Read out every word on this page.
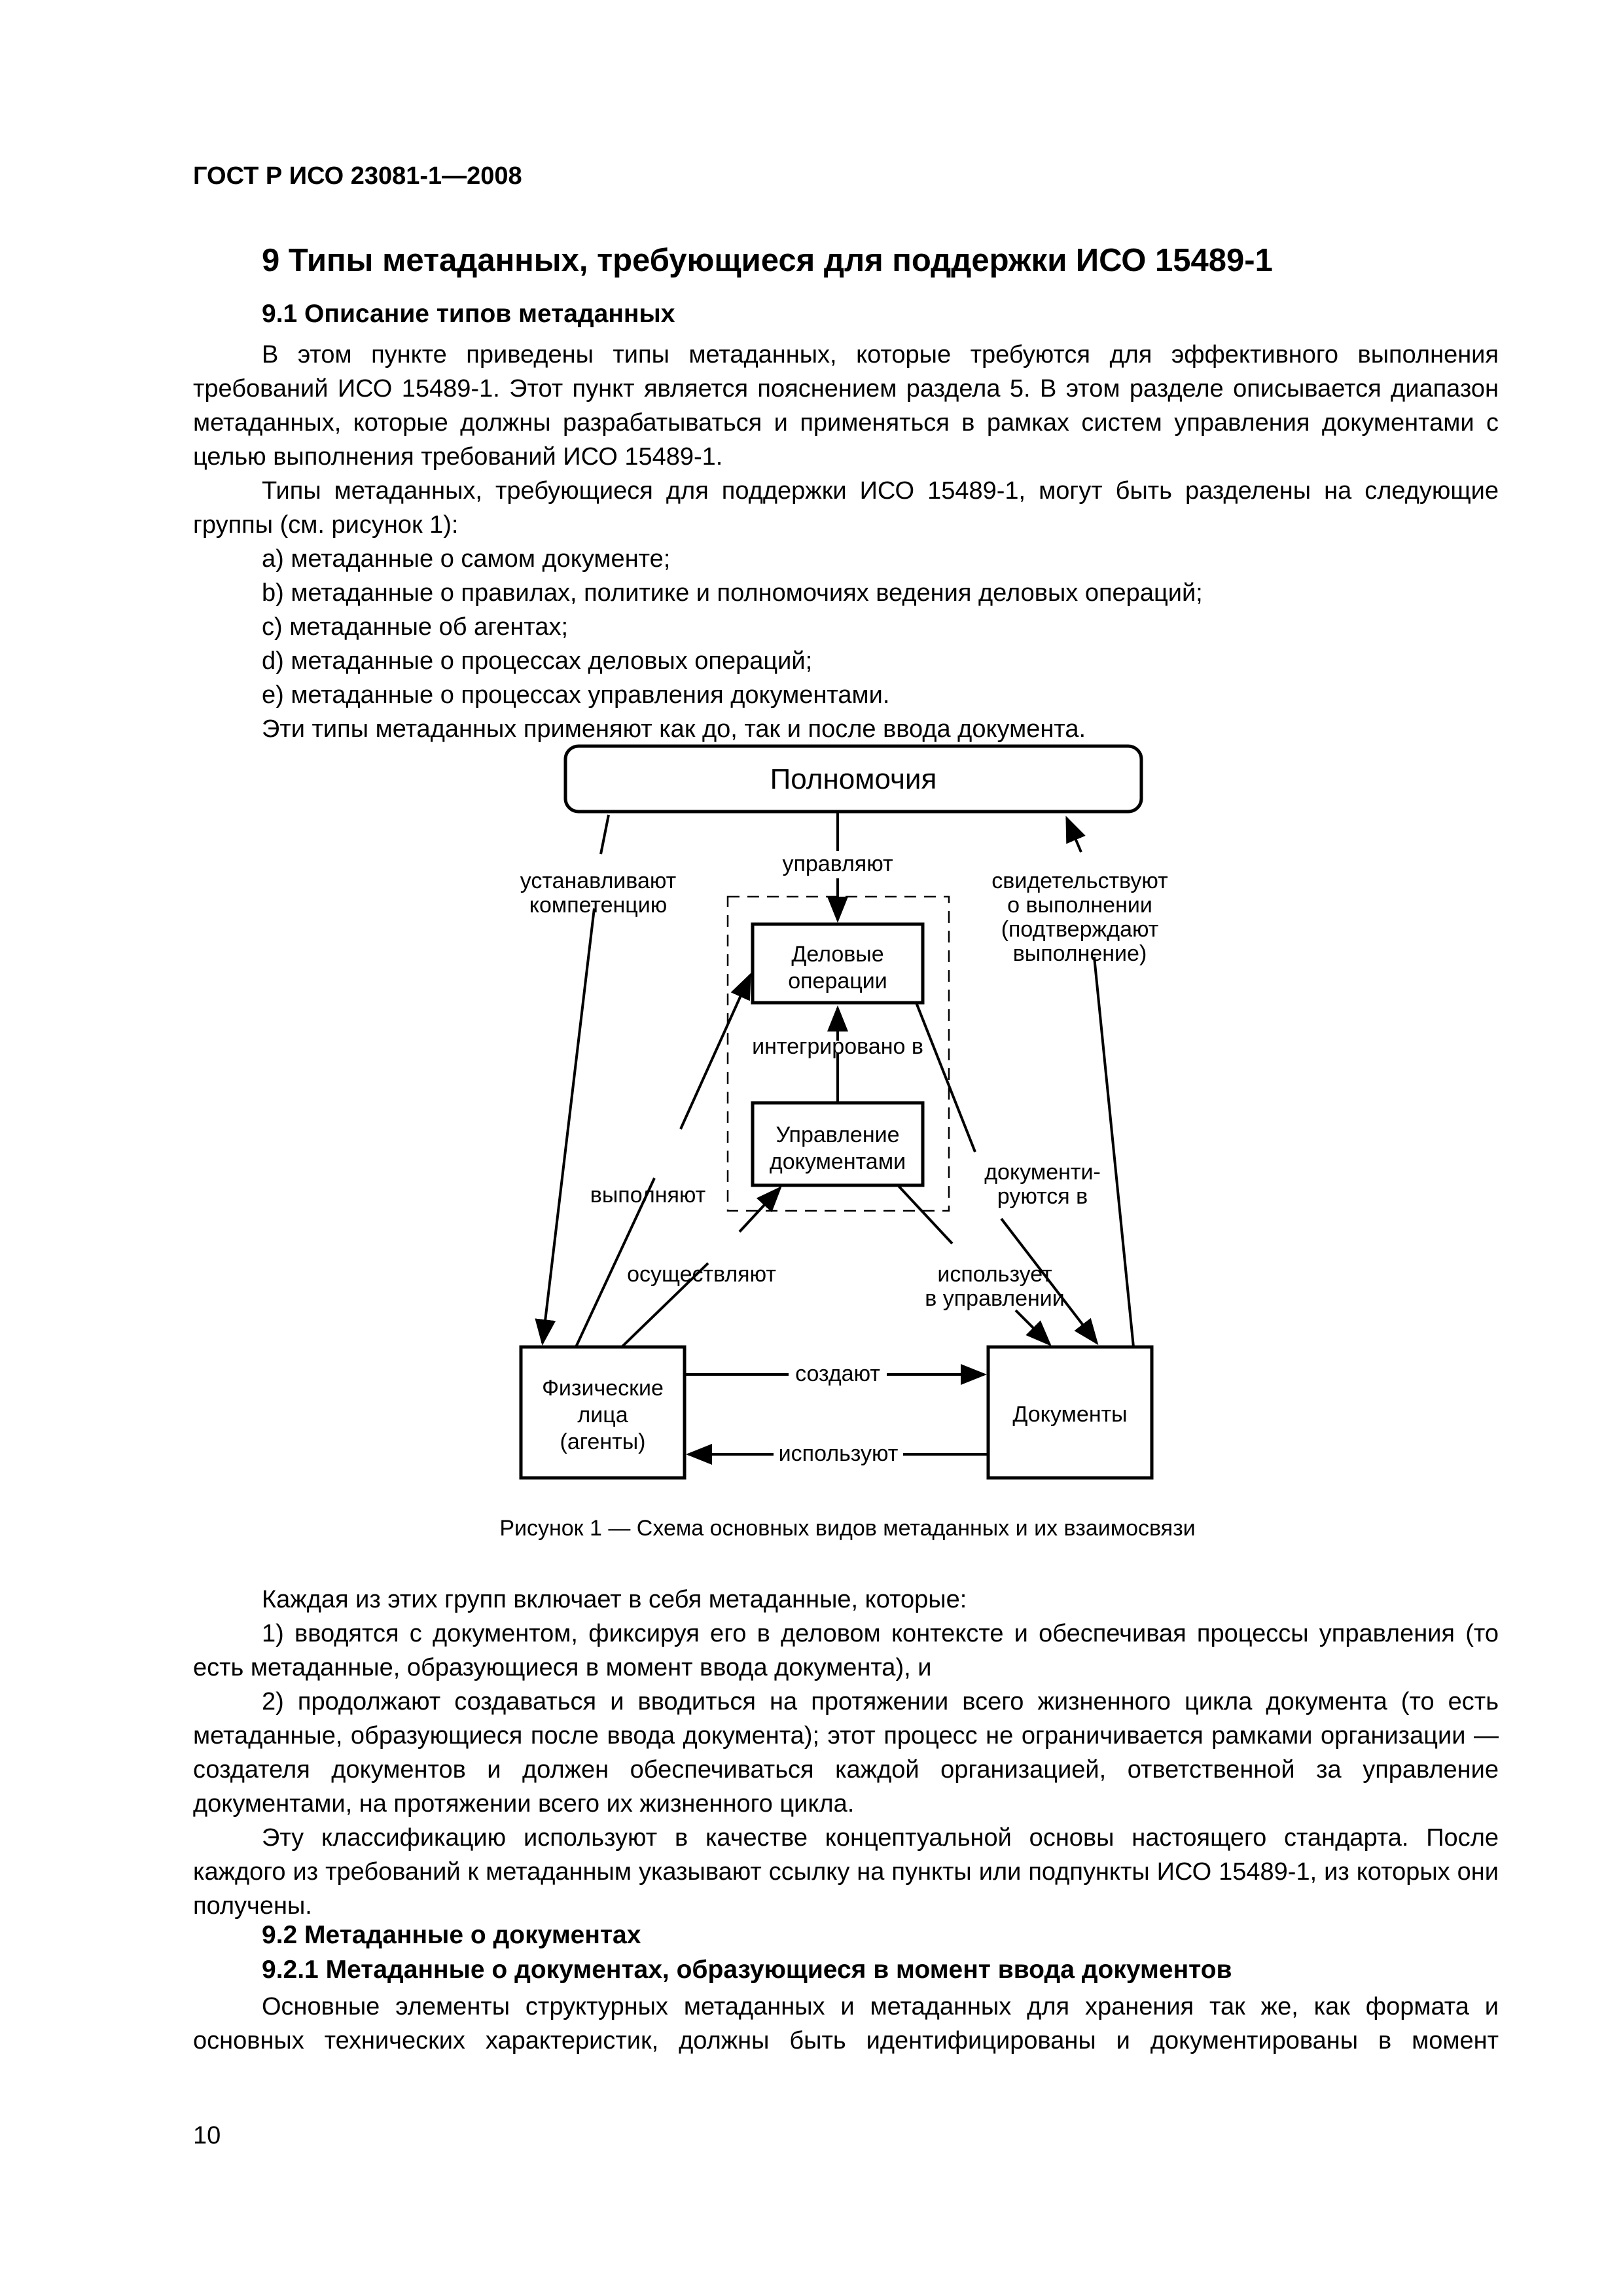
ГОСТ Р ИСО 23081-1—2008
9 Типы метаданных, требующиеся для поддержки ИСО 15489-1
9.1 Описание типов метаданных

В этом пункте приведены типы метаданных, которые требуются для эффективного выполнения требований ИСО 15489-1. Этот пункт является пояснением раздела 5. В этом разделе описывается диапазон метаданных, которые должны разрабатываться и применяться в рамках систем управления документами с целью выполнения требований ИСО 15489-1.

Типы метаданных, требующиеся для поддержки ИСО 15489-1, могут быть разделены на следующие группы (см. рисунок 1):

a) метаданные о самом документе;

b) метаданные о правилах, политике и полномочиях ведения деловых операций;

c) метаданные об агентах;

d) метаданные о процессах деловых операций;

e) метаданные о процессах управления документами.

Эти типы метаданных применяют как до, так и после ввода документа.

Полномочия
Деловые
операции
Управление
документами
Физические
лица
(агенты)
Документы
управляют
устанавливают
компетенцию
свидетельствуют
о выполнении
(подтверждают
выполнение)
интегрировано в
выполняют
документи-
руются в
осуществляют	использует
в управлении
создают
используют
Рисунок 1 — Схема основных видов метаданных и их взаимосвязи

Каждая из этих групп включает в себя метаданные, которые:

1) вводятся с документом, фиксируя его в деловом контексте и обеспечивая процессы управления (то есть метаданные, образующиеся в момент ввода документа), и

2) продолжают создаваться и вводиться на протяжении всего жизненного цикла документа (то есть метаданные, образующиеся после ввода документа); этот процесс не ограничивается рамками организации — создателя документов и должен обеспечиваться каждой организацией, ответственной за управление документами, на протяжении всего их жизненного цикла.

Эту классификацию используют в качестве концептуальной основы настоящего стандарта. После каждого из требований к метаданным указывают ссылку на пункты или подпункты ИСО 15489-1, из которых они получены.

9.2 Метаданные о документах
9.2.1 Метаданные о документах, образующиеся в момент ввода документов

Основные элементы структурных метаданных и метаданных для хранения так же, как формата и основных технических характеристик, должны быть идентифицированы и документированы в момент

10
